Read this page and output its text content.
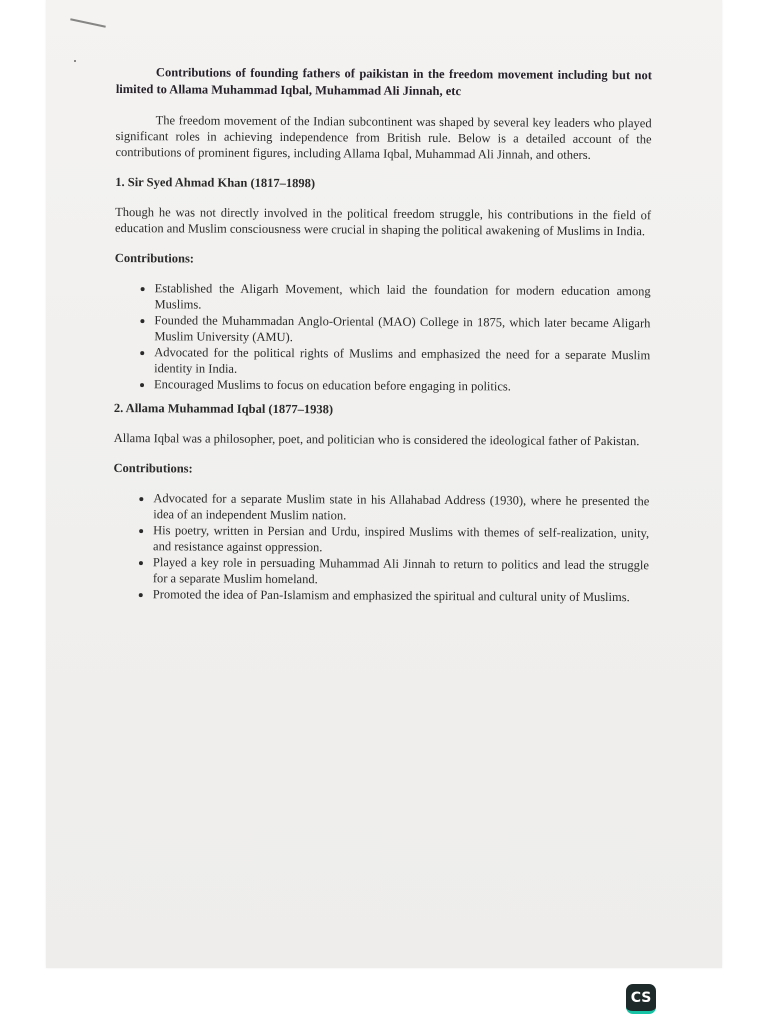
Contributions of founding fathers of paikistan in the freedom movement including but not limited to Allama Muhammad Iqbal, Muhammad Ali Jinnah, etc

The freedom movement of the Indian subcontinent was shaped by several key leaders who played significant roles in achieving independence from British rule. Below is a detailed account of the contributions of prominent figures, including Allama Iqbal, Muhammad Ali Jinnah, and others.

1. Sir Syed Ahmad Khan (1817–1898)

Though he was not directly involved in the political freedom struggle, his contributions in the field of education and Muslim consciousness were crucial in shaping the political awakening of Muslims in India.

Contributions:
• Established the Aligarh Movement, which laid the foundation for modern education among Muslims.
• Founded the Muhammadan Anglo-Oriental (MAO) College in 1875, which later became Aligarh Muslim University (AMU).
• Advocated for the political rights of Muslims and emphasized the need for a separate Muslim identity in India.
• Encouraged Muslims to focus on education before engaging in politics.
2. Allama Muhammad Iqbal (1877–1938)

Allama Iqbal was a philosopher, poet, and politician who is considered the ideological father of Pakistan.

Contributions:
• Advocated for a separate Muslim state in his Allahabad Address (1930), where he presented the idea of an independent Muslim nation.
• His poetry, written in Persian and Urdu, inspired Muslims with themes of self-realization, unity, and resistance against oppression.
• Played a key role in persuading Muhammad Ali Jinnah to return to politics and lead the struggle for a separate Muslim homeland.
• Promoted the idea of Pan-Islamism and emphasized the spiritual and cultural unity of Muslims.
CS
